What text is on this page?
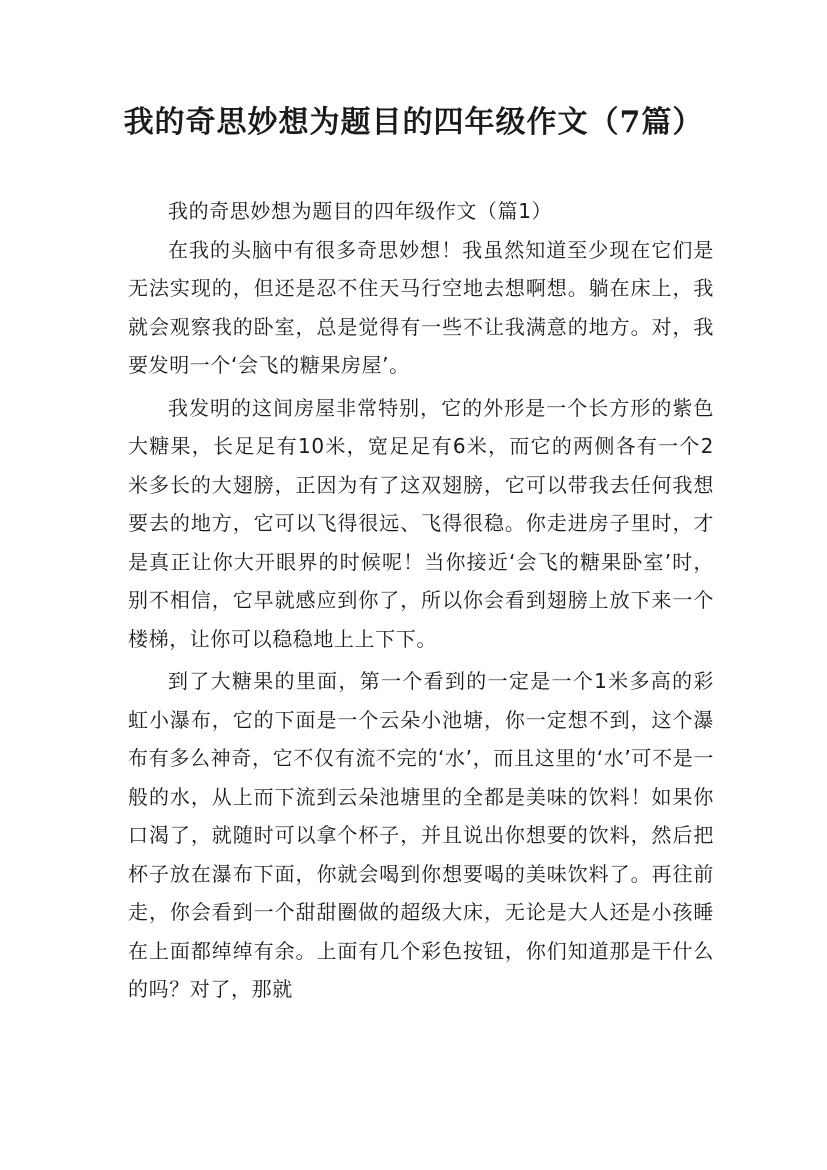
我的奇思妙想为题目的四年级作文（7篇）

我的奇思妙想为题目的四年级作文（篇1）

在我的头脑中有很多奇思妙想！我虽然知道至少现在它们是无法实现的，但还是忍不住天马行空地去想啊想。躺在床上，我就会观察我的卧室，总是觉得有一些不让我满意的地方。对，我要发明一个‘会飞的糖果房屋’。

我发明的这间房屋非常特别，它的外形是一个长方形的紫色大糖果，长足足有10米，宽足足有6米，而它的两侧各有一个2米多长的大翅膀，正因为有了这双翅膀，它可以带我去任何我想要去的地方，它可以飞得很远、飞得很稳。你走进房子里时，才是真正让你大开眼界的时候呢！当你接近‘会飞的糖果卧室’时，别不相信，它早就感应到你了，所以你会看到翅膀上放下来一个楼梯，让你可以稳稳地上上下下。

到了大糖果的里面，第一个看到的一定是一个1米多高的彩虹小瀑布，它的下面是一个云朵小池塘，你一定想不到，这个瀑布有多么神奇，它不仅有流不完的‘水’，而且这里的‘水’可不是一般的水，从上而下流到云朵池塘里的全都是美味的饮料！如果你口渴了，就随时可以拿个杯子，并且说出你想要的饮料，然后把杯子放在瀑布下面，你就会喝到你想要喝的美味饮料了。再往前走，你会看到一个甜甜圈做的超级大床，无论是大人还是小孩睡在上面都绰绰有余。上面有几个彩色按钮，你们知道那是干什么的吗？对了，那就
